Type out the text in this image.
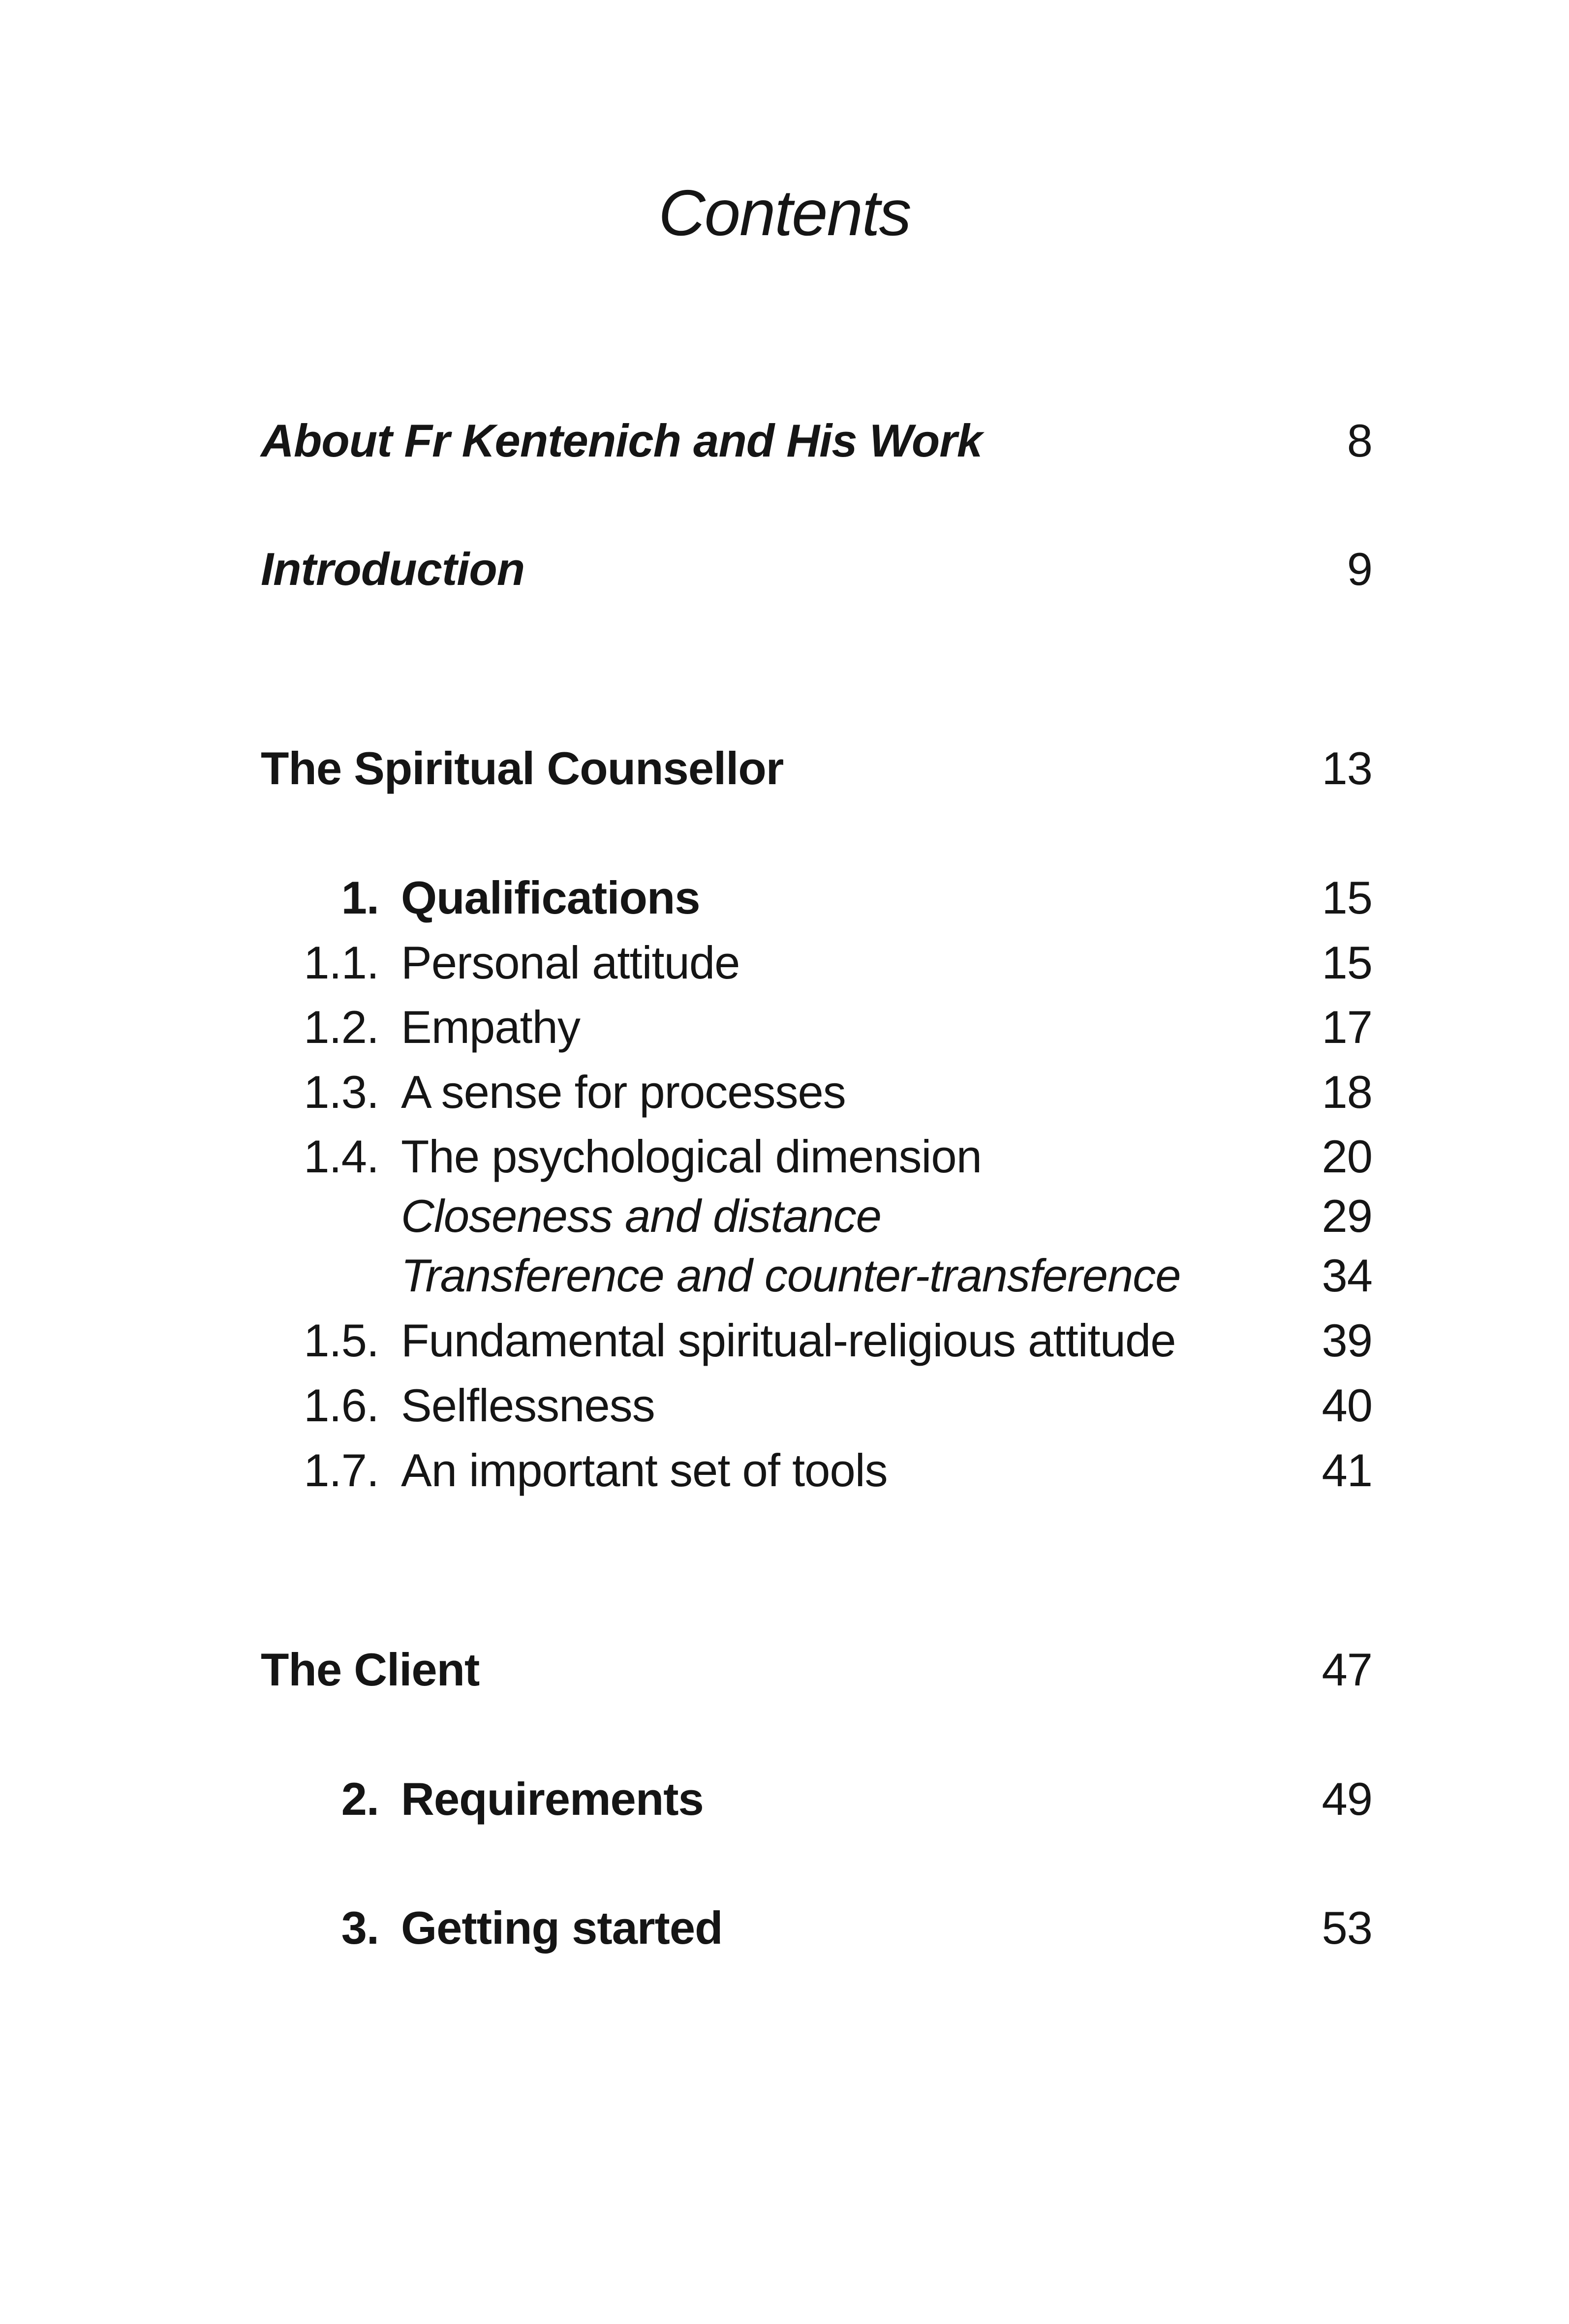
Contents
About Fr Kentenich and His Work	8
Introduction	9
The Spiritual Counsellor	13
1. Qualifications	15
1.1. Personal attitude	15
1.2. Empathy	17
1.3. A sense for processes	18
1.4. The psychological dimension	20
Closeness and distance	29
Transference and counter-transference	34
1.5. Fundamental spiritual-religious attitude	39
1.6. Selflessness	40
1.7. An important set of tools	41
The Client	47
2. Requirements	49
3. Getting started	53
